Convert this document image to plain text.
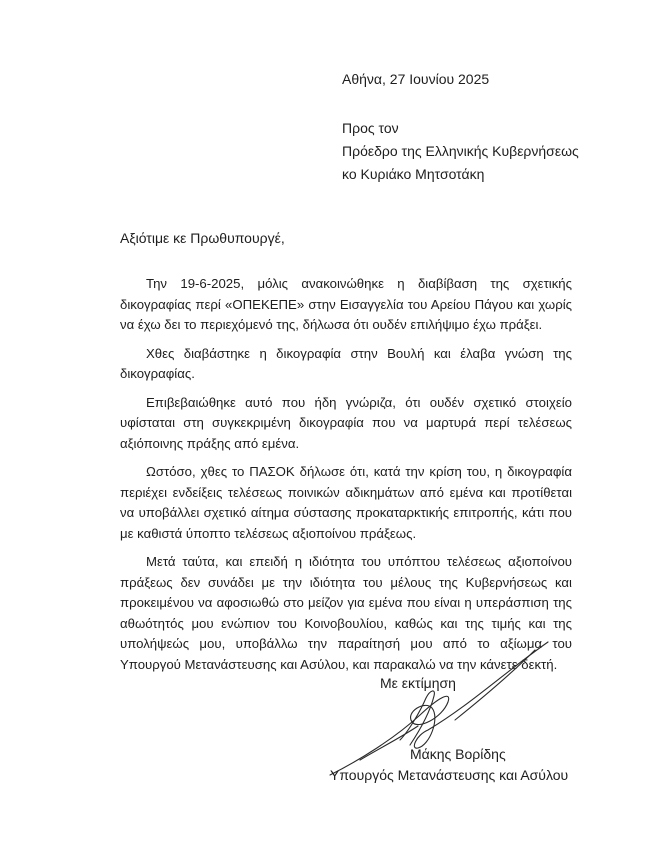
Αθήνα, 27 Ιουνίου 2025
Προς τον
Πρόεδρο της Ελληνικής Κυβερνήσεως
κο Κυριάκο Μητσοτάκη
Αξιότιμε κε Πρωθυπουργέ,

Την 19-6-2025, μόλις ανακοινώθηκε η διαβίβαση της σχετικής δικογραφίας περί «ΟΠΕΚΕΠΕ» στην Εισαγγελία του Αρείου Πάγου και χωρίς να έχω δει το περιεχόμενό της, δήλωσα ότι ουδέν επιλήψιμο έχω πράξει.

Χθες διαβάστηκε η δικογραφία στην Βουλή και έλαβα γνώση της δικογραφίας.

Επιβεβαιώθηκε αυτό που ήδη γνώριζα, ότι ουδέν σχετικό στοιχείο υφίσταται στη συγκεκριμένη δικογραφία που να μαρτυρά περί τελέσεως αξιόποινης πράξης από εμένα.

Ωστόσο, χθες το ΠΑΣΟΚ δήλωσε ότι, κατά την κρίση του, η δικογραφία περιέχει ενδείξεις τελέσεως ποινικών αδικημάτων από εμένα και προτίθεται να υποβάλλει σχετικό αίτημα σύστασης προκαταρκτικής επιτροπής, κάτι που με καθιστά ύποπτο τελέσεως αξιοποίνου πράξεως.

Μετά ταύτα, και επειδή η ιδιότητα του υπόπτου τελέσεως αξιοποίνου πράξεως δεν συνάδει με την ιδιότητα του μέλους της Κυβερνήσεως και προκειμένου να αφοσιωθώ στο μείζον για εμένα που είναι η υπεράσπιση της αθωότητός μου ενώπιον του Κοινοβουλίου, καθώς και της τιμής και της υπολήψεώς μου, υποβάλλω την παραίτησή μου από το αξίωμα του Υπουργού Μετανάστευσης και Ασύλου, και παρακαλώ να την κάνετε δεκτή.

Με εκτίμηση
Μάκης Βορίδης
Υπουργός Μετανάστευσης και Ασύλου
